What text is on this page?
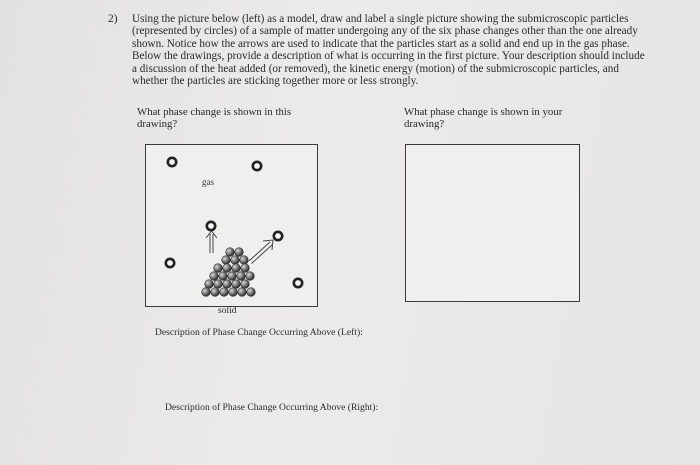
2) Using the picture below (left) as a model, draw and label a single picture showing the submicroscopic particles (represented by circles) of a sample of matter undergoing any of the six phase changes other than the one already shown. Notice how the arrows are used to indicate that the particles start as a solid and end up in the gas phase. Below the drawings, provide a description of what is occurring in the first picture. Your description should include a discussion of the heat added (or removed), the kinetic energy (motion) of the submicroscopic particles, and whether the particles are sticking together more or less strongly.
What phase change is shown in this drawing?
What phase change is shown in your drawing?
gas
solid
Description of Phase Change Occurring Above (Left):
Description of Phase Change Occurring Above (Right):
